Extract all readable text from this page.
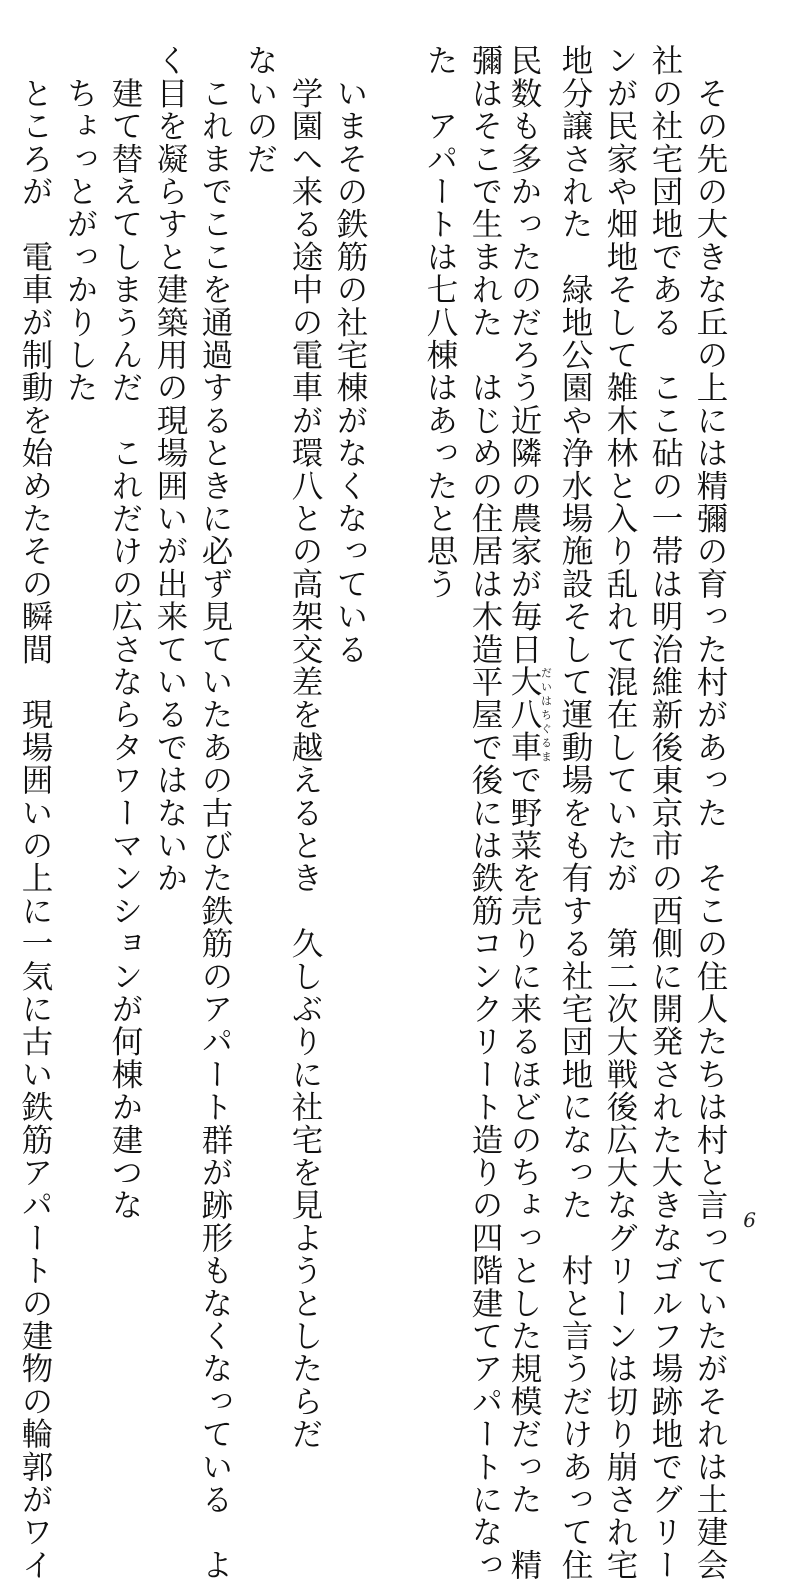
　その先の大きな丘の上には精彌の育った村があった　そこの住人たちは村と言っていたがそれは土建会
社の社宅団地である　ここ砧の一帯は明治維新後東京市の西側に開発された大きなゴルフ場跡地でグリー
ンが民家や畑地そして雑木林と入り乱れて混在していたが　第二次大戦後広大なグリーンは切り崩され宅
地分譲された　緑地公園や浄水場施設そして運動場をも有する社宅団地になった　村と言うだけあって住
民数も多かったのだろう近隣の農家が毎日大八車だいはちぐるまで野菜を売りに来るほどのちょっとした規模だった　精
彌はそこで生まれた　はじめの住居は木造平屋で後には鉄筋コンクリート造りの四階建てアパートになっ
た　アパートは七八棟はあったと思う
　いまその鉄筋の社宅棟がなくなっている
　学園へ来る途中の電車が環八との高架交差を越えるとき　久しぶりに社宅を見ようとしたらだ
ないのだ
　これまでここを通過するときに必ず見ていたあの古びた鉄筋のアパート群が跡形もなくなっている　よ
く目を凝らすと建築用の現場囲いが出来ているではないか
　建て替えてしまうんだ　これだけの広さならタワーマンションが何棟か建つな
　ちょっとがっかりした
　ところが　電車が制動を始めたその瞬間　現場囲いの上に一気に古い鉄筋アパートの建物の輪郭がワイ	6
